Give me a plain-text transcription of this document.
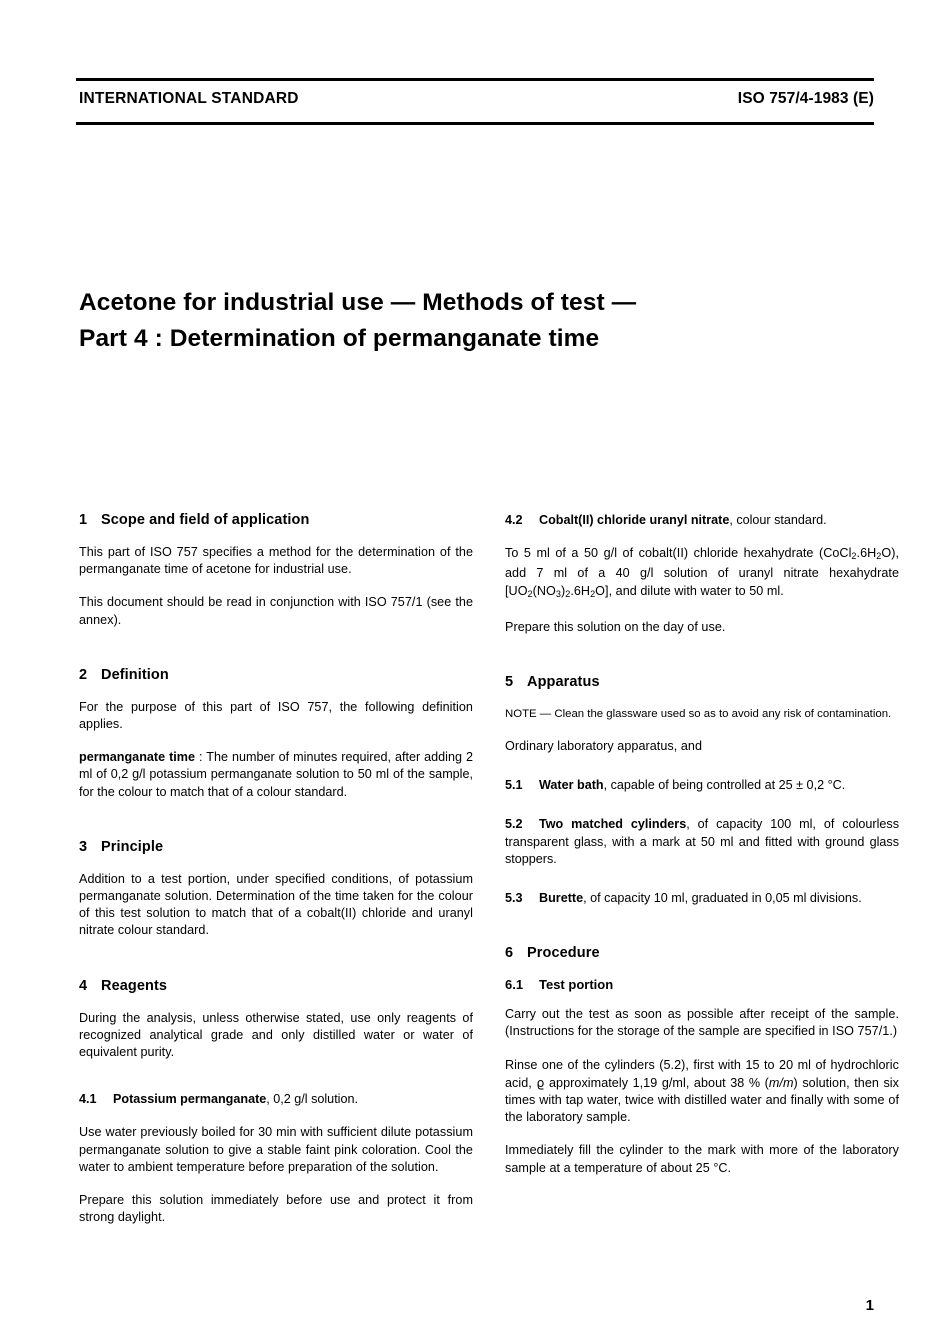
INTERNATIONAL STANDARD	ISO 757/4-1983 (E)
Acetone for industrial use — Methods of test —
Part 4 : Determination of permanganate time
1 Scope and field of application

This part of ISO 757 specifies a method for the determination of the permanganate time of acetone for industrial use.

This document should be read in conjunction with ISO 757/1 (see the annex).

2 Definition

For the purpose of this part of ISO 757, the following definition applies.

permanganate time : The number of minutes required, after adding 2 ml of 0,2 g/l potassium permanganate solution to 50 ml of the sample, for the colour to match that of a colour standard.

3 Principle

Addition to a test portion, under specified conditions, of potassium permanganate solution. Determination of the time taken for the colour of this test solution to match that of a cobalt(II) chloride and uranyl nitrate colour standard.

4 Reagents

During the analysis, unless otherwise stated, use only reagents of recognized analytical grade and only distilled water or water of equivalent purity.

4.1 Potassium permanganate, 0,2 g/l solution.

Use water previously boiled for 30 min with sufficient dilute potassium permanganate solution to give a stable faint pink coloration. Cool the water to ambient temperature before preparation of the solution.

Prepare this solution immediately before use and protect it from strong daylight.

4.2 Cobalt(II) chloride uranyl nitrate, colour standard.

To 5 ml of a 50 g/l of cobalt(II) chloride hexahydrate $(CoCl_2.6H_2O)$, add 7 ml of a 40 g/l solution of uranyl nitrate hexahydrate $[UO_2(NO_3)_2.6H_2O]$, and dilute with water to 50 ml.

Prepare this solution on the day of use.

5 Apparatus

NOTE — Clean the glassware used so as to avoid any risk of contamination.

Ordinary laboratory apparatus, and

5.1 Water bath, capable of being controlled at 25 ± 0,2 °C.

5.2 Two matched cylinders, of capacity 100 ml, of colourless transparent glass, with a mark at 50 ml and fitted with ground glass stoppers.

5.3 Burette, of capacity 10 ml, graduated in 0,05 ml divisions.

6 Procedure
6.1 Test portion

Carry out the test as soon as possible after receipt of the sample. (Instructions for the storage of the sample are specified in ISO 757/1.)

Rinse one of the cylinders (5.2), first with 15 to 20 ml of hydrochloric acid, ϱ approximately 1,19 g/ml, about 38 % (m/m) solution, then six times with tap water, twice with distilled water and finally with some of the laboratory sample.

Immediately fill the cylinder to the mark with more of the laboratory sample at a temperature of about 25 °C.

1
